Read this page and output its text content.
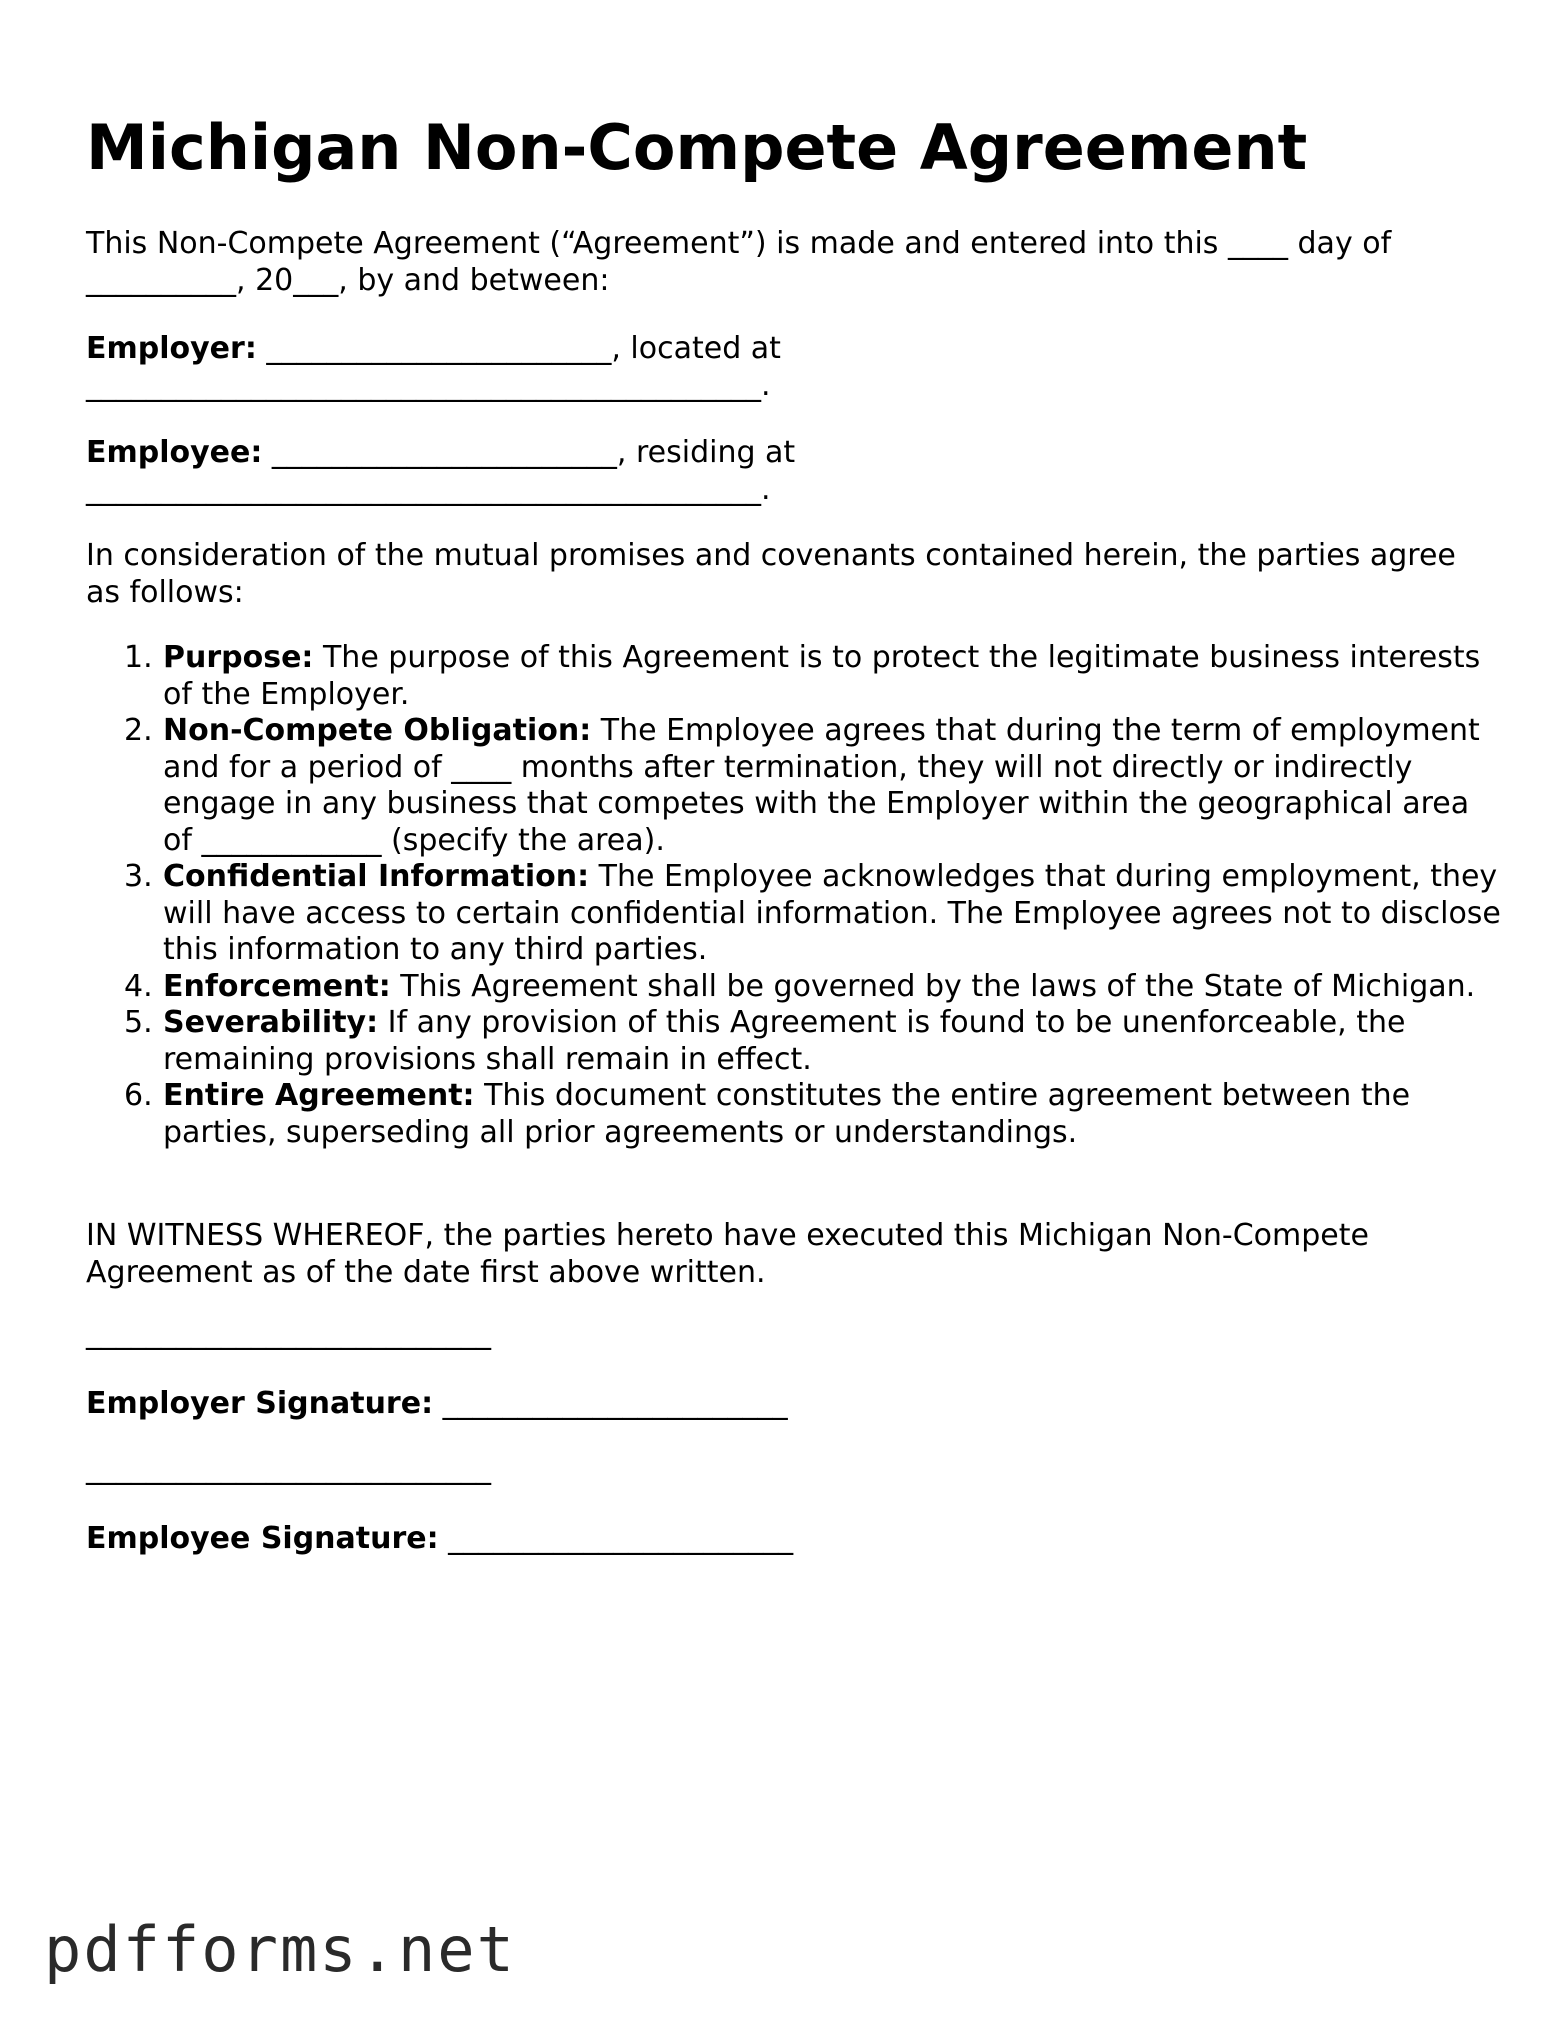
Michigan Non-Compete Agreement

This Non-Compete Agreement (“Agreement”) is made and entered into this ____ day of __________, 20___, by and between:

Employer: _______________________, located at
_____________________________________________.

Employee: _______________________, residing at
_____________________________________________.

In consideration of the mutual promises and covenants contained herein, the parties agree as follows:

1. Purpose: The purpose of this Agreement is to protect the legitimate business interests of the Employer.
2. Non-Compete Obligation: The Employee agrees that during the term of employment and for a period of ____ months after termination, they will not directly or indirectly engage in any business that competes with the Employer within the geographical area of ____________ (specify the area).
3. Confidential Information: The Employee acknowledges that during employment, they will have access to certain confidential information. The Employee agrees not to disclose this information to any third parties.
4. Enforcement: This Agreement shall be governed by the laws of the State of Michigan.
5. Severability: If any provision of this Agreement is found to be unenforceable, the remaining provisions shall remain in effect.
6. Entire Agreement: This document constitutes the entire agreement between the parties, superseding all prior agreements or understandings.

IN WITNESS WHEREOF, the parties hereto have executed this Michigan Non-Compete Agreement as of the date first above written.

___________________________

Employer Signature: _______________________

___________________________

Employee Signature: _______________________

pdfforms.net
